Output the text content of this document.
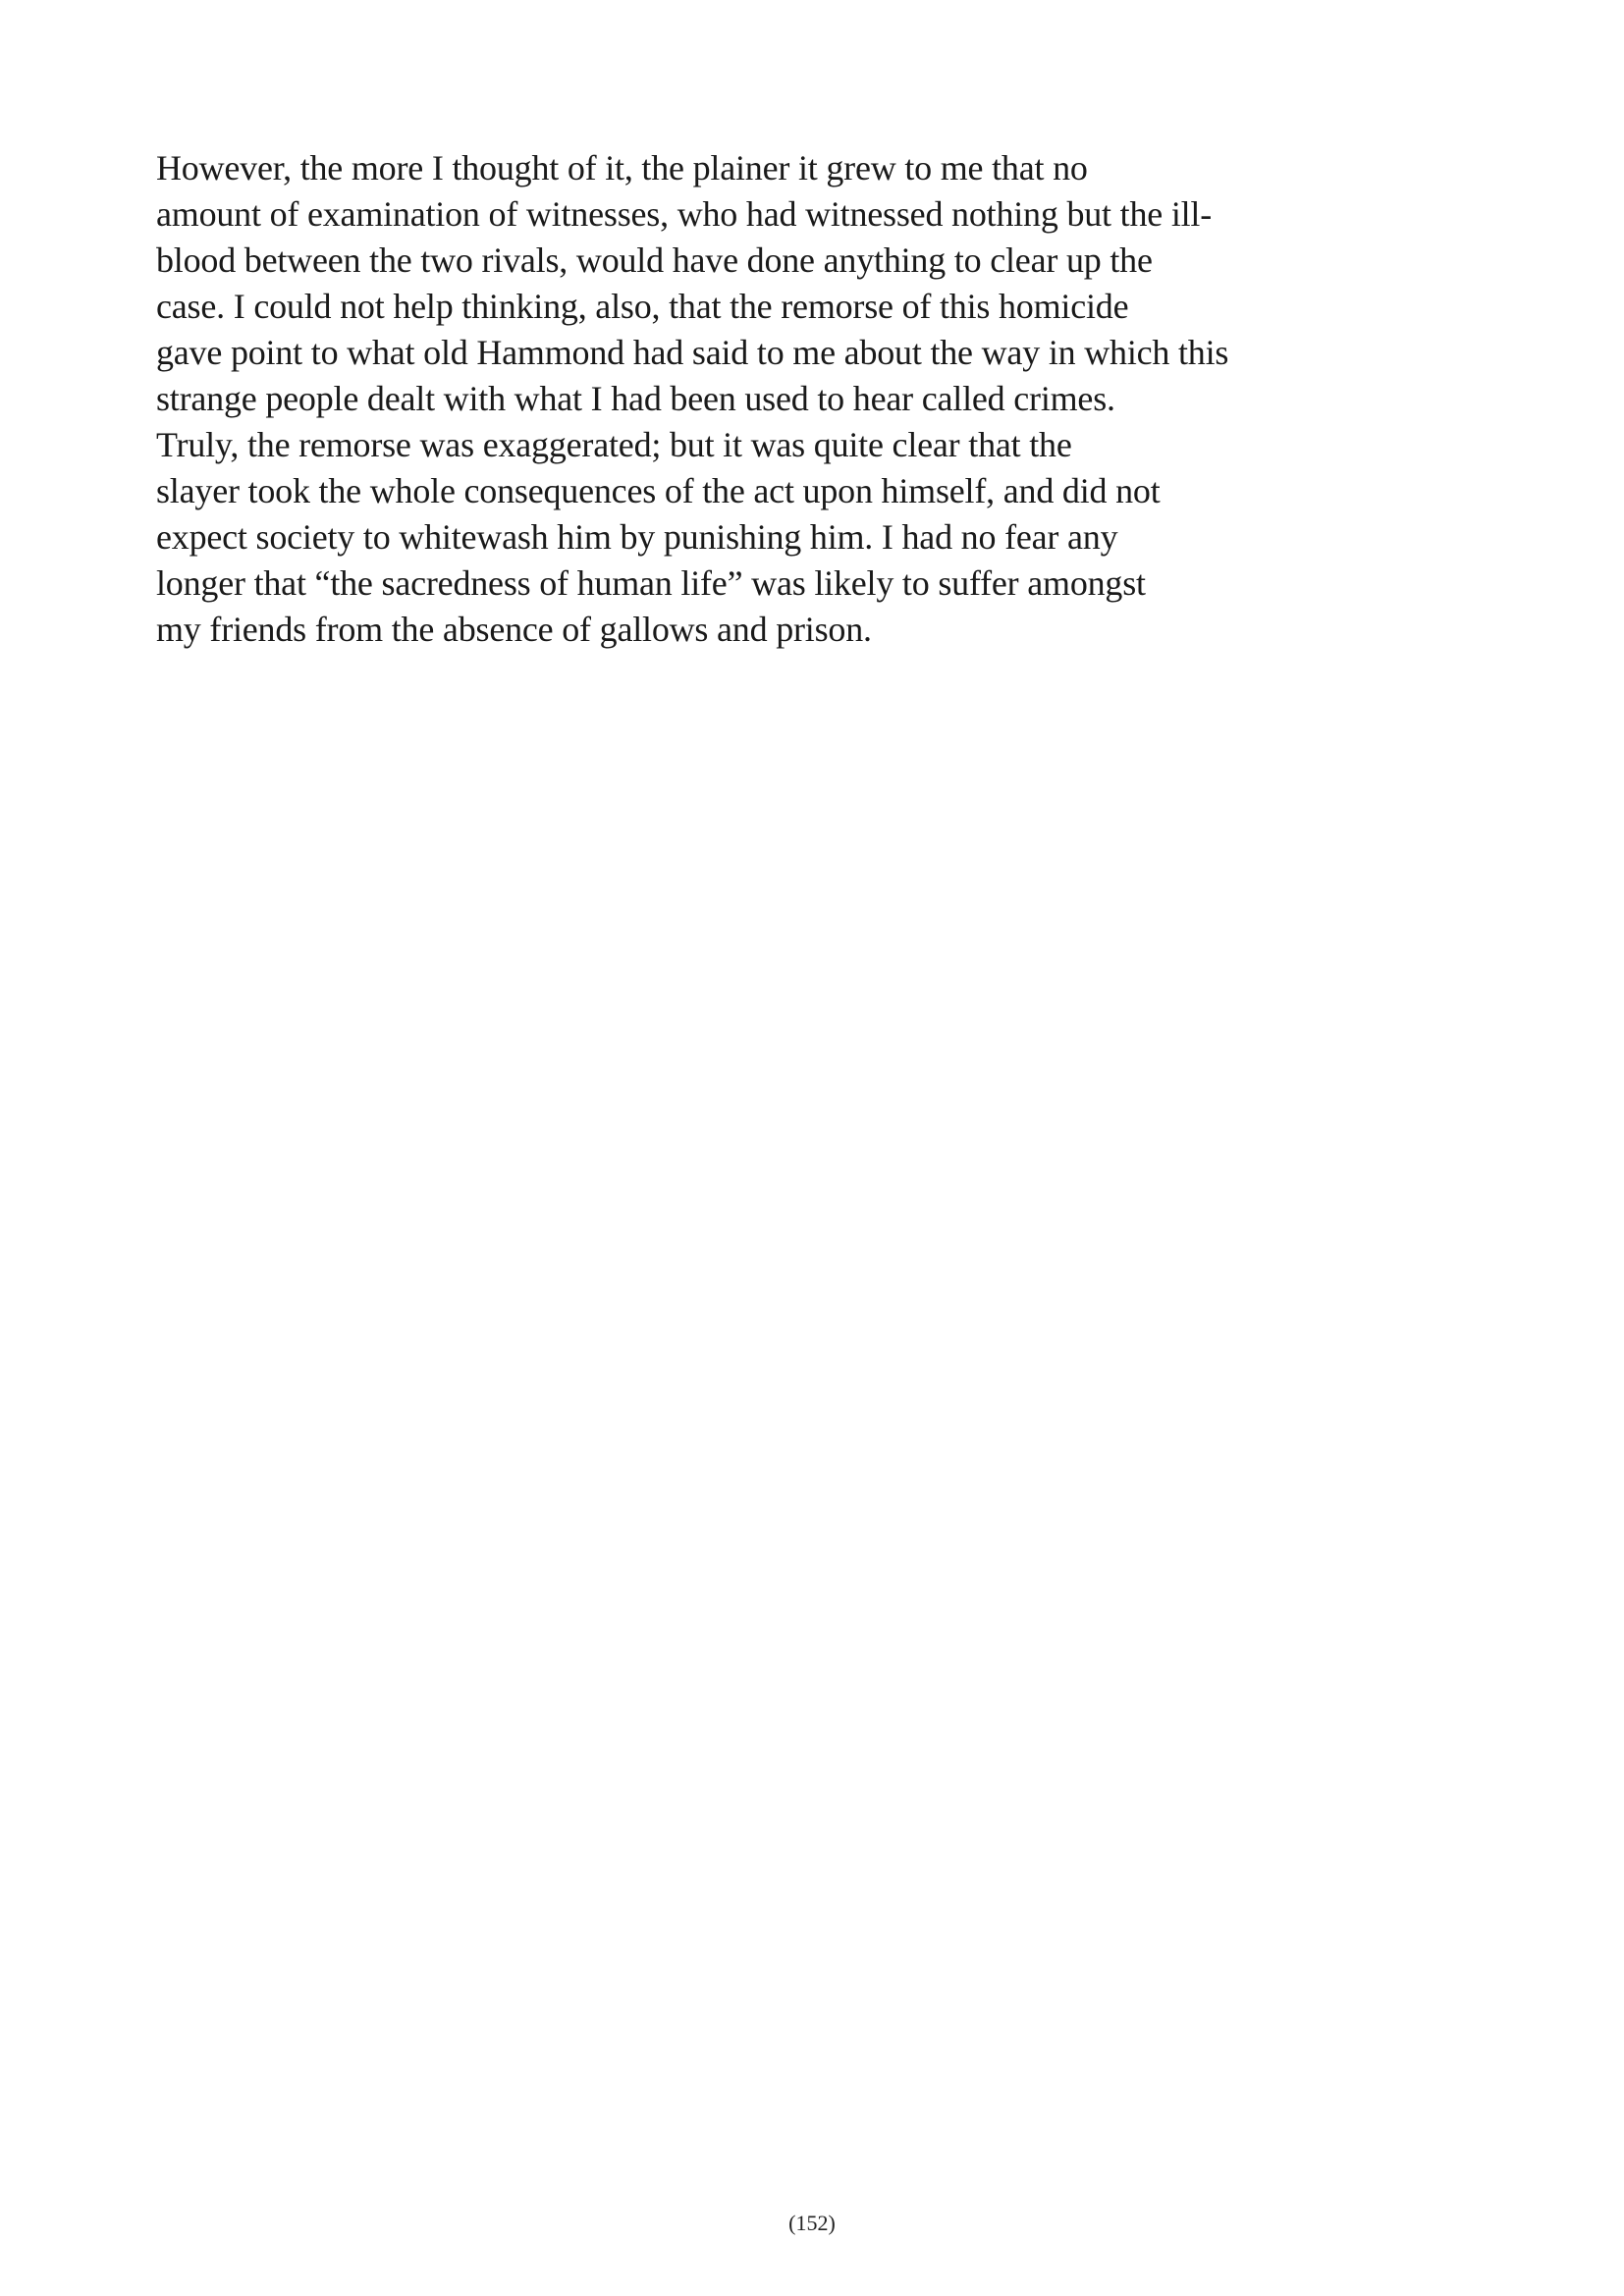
However, the more I thought of it, the plainer it grew to me that no
amount of examination of witnesses, who had witnessed nothing but the ill-
blood between the two rivals, would have done anything to clear up the
case. I could not help thinking, also, that the remorse of this homicide
gave point to what old Hammond had said to me about the way in which this
strange people dealt with what I had been used to hear called crimes.
Truly, the remorse was exaggerated; but it was quite clear that the
slayer took the whole consequences of the act upon himself, and did not
expect society to whitewash him by punishing him. I had no fear any
longer that “the sacredness of human life” was likely to suffer amongst
my friends from the absence of gallows and prison.

(152)
